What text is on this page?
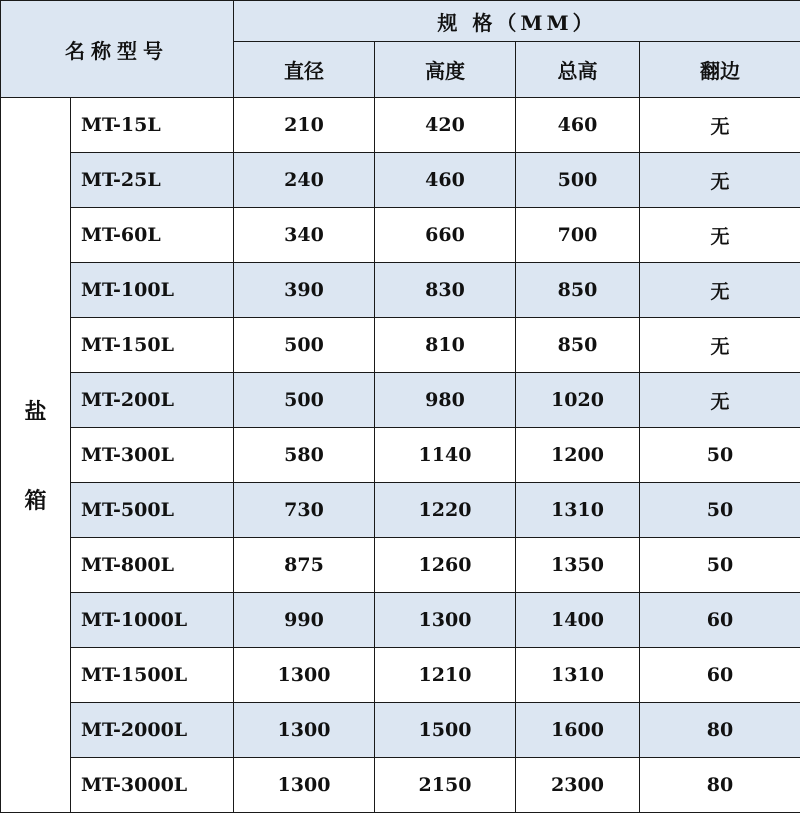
名称型号		规 格（MM）			
		直径	高度	总高	翻边

盐
箱	MT-15L	210	420	460	无
	MT-25L	240	460	500	无
	MT-60L	340	660	700	无
	MT-100L	390	830	850	无
	MT-150L	500	810	850	无
	MT-200L	500	980	1020	无
	MT-300L	580	1140	1200	50
	MT-500L	730	1220	1310	50
	MT-800L	875	1260	1350	50
	MT-1000L	990	1300	1400	60
	MT-1500L	1300	1210	1310	60
	MT-2000L	1300	1500	1600	80
	MT-3000L	1300	2150	2300	80
